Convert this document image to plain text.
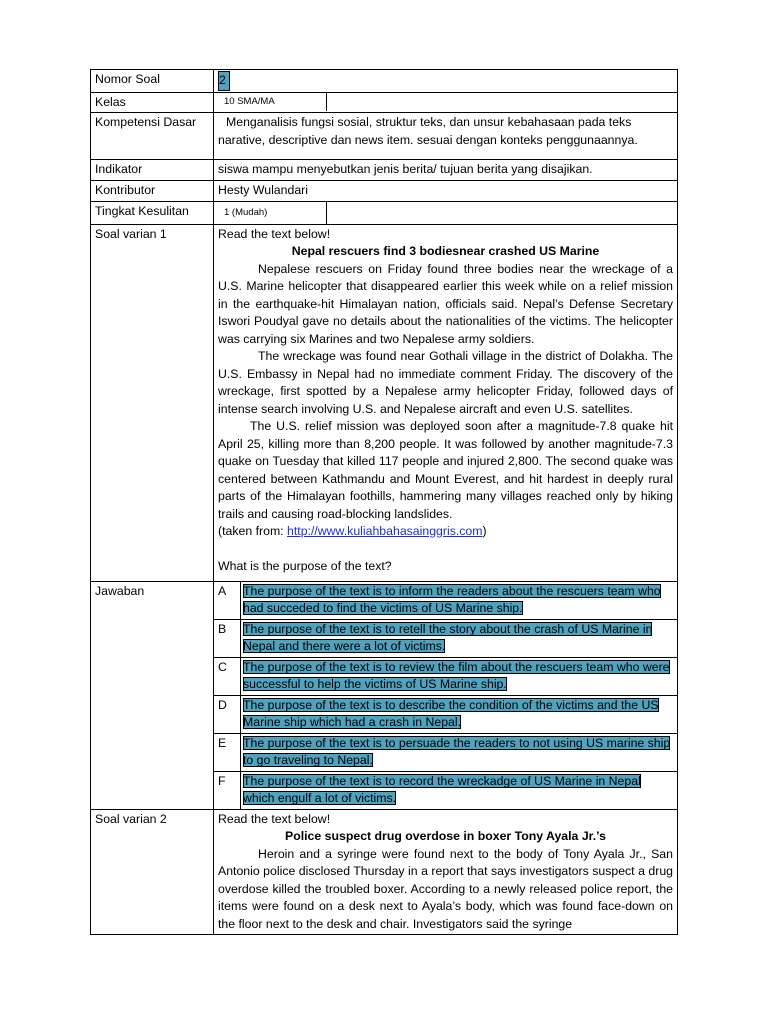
Nomor Soal	2
Kelas		10 SMA/MA	

Kompetensi Dasar	Menganalisis fungsi sosial, struktur teks, dan unsur kebahasaan pada teks narative, descriptive dan news item. sesuai dengan konteks penggunaannya.
Indikator	siswa mampu menyebutkan jenis berita/ tujuan berita yang disajikan.
Kontributor	Hesty Wulandari
Tingkat Kesulitan		1 (Mudah)	

Soal varian 1	Read the text below!
Nepal rescuers find 3 bodiesnear crashed US Marine
Nepalese rescuers on Friday found three bodies near the wreckage of a U.S. Marine helicopter that disappeared earlier this week while on a relief mission in the earthquake-hit Himalayan nation, officials said. Nepal’s Defense Secretary Iswori Poudyal gave no details about the nationalities of the victims. The helicopter was carrying six Marines and two Nepalese army soldiers.
The wreckage was found near Gothali village in the district of Dolakha. The U.S. Embassy in Nepal had no immediate comment Friday. The discovery of the wreckage, first spotted by a Nepalese army helicopter Friday, followed days of intense search involving U.S. and Nepalese aircraft and even U.S. satellites.
The U.S. relief mission was deployed soon after a magnitude-7.8 quake hit April 25, killing more than 8,200 people. It was followed by another magnitude-7.3 quake on Tuesday that killed 117 people and injured 2,800. The second quake was centered between Kathmandu and Mount Everest, and hit hardest in deeply rural parts of the Himalayan foothills, hammering many villages reached only by hiking trails and causing road-blocking landslides.
(taken from: http://www.kuliahbahasainggris.com)
What is the purpose of the text?

Jawaban	A	The purpose of the text is to inform the readers about the rescuers team who had succeded to find the victims of US Marine ship.
B	The purpose of the text is to retell the story about the crash of US Marine in Nepal and there were a lot of victims.
C	The purpose of the text is to review the film about the rescuers team who were successful to help the victims of US Marine ship.
D	The purpose of the text is to describe the condition of the victims and the US Marine ship which had a crash in Nepal.
E	The purpose of the text is to persuade the readers to not using US marine ship to go traveling to Nepal.
F	The purpose of the text is to record the wreckadge of US Marine in Nepal which engulf a lot of victims.

Soal varian 2	Read the text below!
Police suspect drug overdose in boxer Tony Ayala Jr.’s
Heroin and a syringe were found next to the body of Tony Ayala Jr., San Antonio police disclosed Thursday in a report that says investigators suspect a drug overdose killed the troubled boxer. According to a newly released police report, the items were found on a desk next to Ayala’s body, which was found face-down on the floor next to the desk and chair. Investigators said the syringe
